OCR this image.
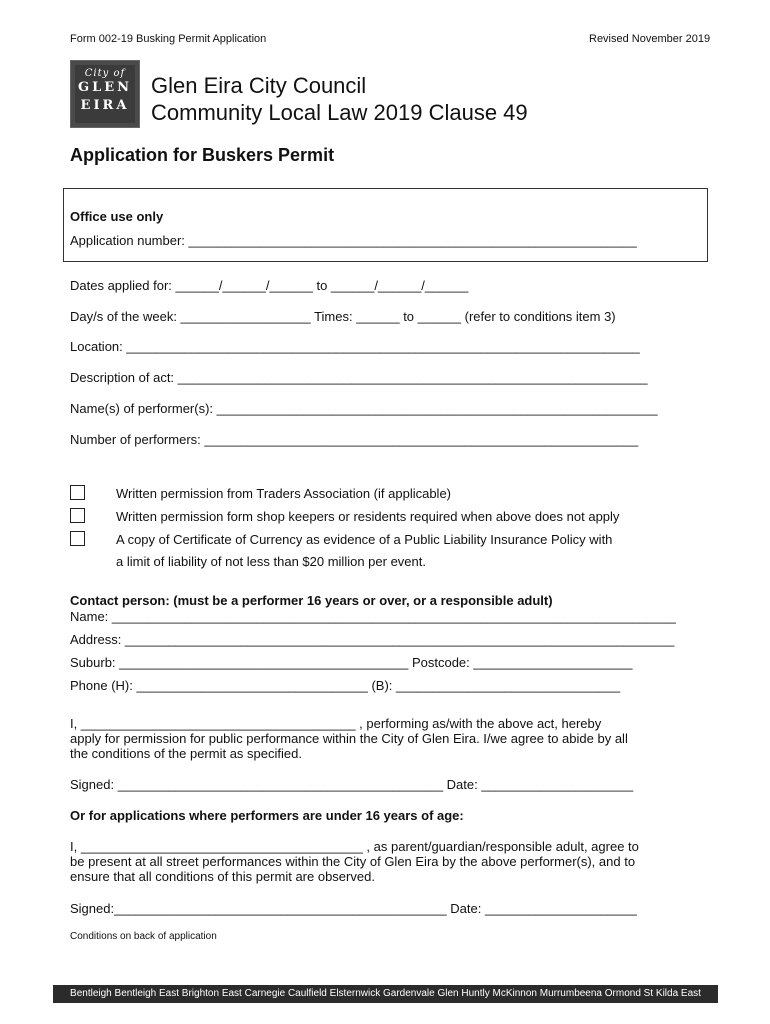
Form 002-19 Busking Permit Application	Revised November 2019
City of
GLEN
EIRA
Glen Eira City Council
Community Local Law 2019 Clause 49
Application for Buskers Permit
Office use only
Application number: ______________________________________________________________
Dates applied for: ______/______/______ to ______/______/______
Day/s of the week: __________________ Times: ______ to ______ (refer to conditions item 3)
Location: _______________________________________________________________________
Description of act: _________________________________________________________________
Name(s) of performer(s): _____________________________________________________________
Number of performers: ____________________________________________________________
Written permission from Traders Association (if applicable)
Written permission form shop keepers or residents required when above does not apply
A copy of Certificate of Currency as evidence of a Public Liability Insurance Policy with
a limit of liability of not less than $20 million per event.
Contact person: (must be a performer 16 years or over, or a responsible adult)
Name: ______________________________________________________________________________
Address: ____________________________________________________________________________
Suburb: ________________________________________ Postcode: ______________________
Phone (H): ________________________________ (B): _______________________________
I, ______________________________________ , performing as/with the above act, hereby
apply for permission for public performance within the City of Glen Eira. I/we agree to abide by all
the conditions of the permit as specified.
Signed: _____________________________________________ Date: _____________________
Or for applications where performers are under 16 years of age:
I, _______________________________________ , as parent/guardian/responsible adult, agree to
be present at all street performances within the City of Glen Eira by the above performer(s), and to
ensure that all conditions of this permit are observed.
Signed:______________________________________________ Date: _____________________
Conditions on back of application
Bentleigh Bentleigh East Brighton East Carnegie Caulfield Elsternwick Gardenvale Glen Huntly McKinnon Murrumbeena Ormond St Kilda East
